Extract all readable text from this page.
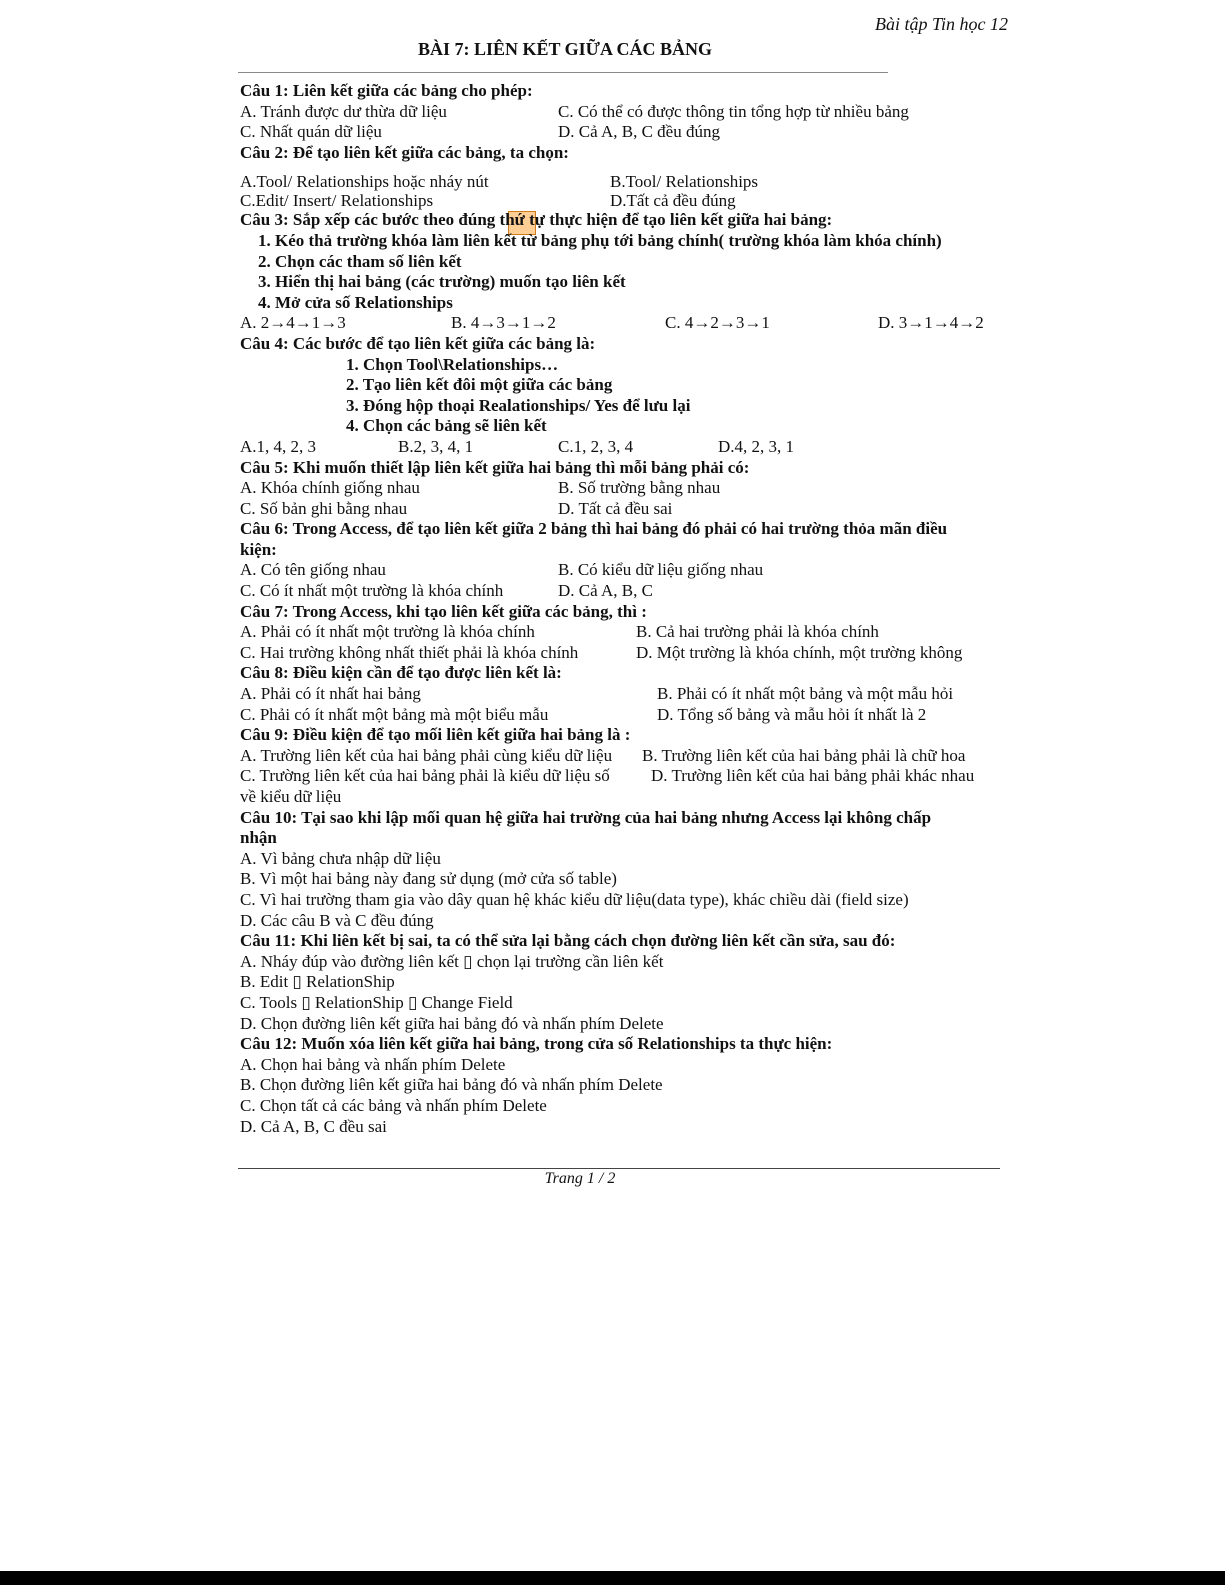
Bài tập Tin học 12
BÀI 7: LIÊN KẾT GIỮA CÁC BẢNG
Câu 1: Liên kết giữa các bảng cho phép:
A. Tránh được dư thừa dữ liệu	C. Có thể có được thông tin tổng hợp từ nhiều bảng
C. Nhất quán dữ liệu	D. Cả A, B, C đều đúng
Câu 2: Để tạo liên kết giữa các bảng, ta chọn:
A.Tool/ Relationships hoặc nháy nút	B.Tool/ Relationships
C.Edit/ Insert/ Relationships	D.Tất cả đều đúng
Câu 3: Sắp xếp các bước theo đúng thứ tự thực hiện để tạo liên kết giữa hai bảng:
1. Kéo thả trường khóa làm liên kết từ bảng phụ tới bảng chính( trường khóa làm khóa chính)
2. Chọn các tham số liên kết
3. Hiển thị hai bảng (các trường) muốn tạo liên kết
4. Mở cửa số Relationships
A. 2→4→1→3	B. 4→3→1→2	C. 4→2→3→1	D. 3→1→4→2
Câu 4: Các bước để tạo liên kết giữa các bảng là:
1. Chọn Tool\Relationships…
2. Tạo liên kết đôi một giữa các bảng
3. Đóng hộp thoại Realationships/ Yes để lưu lại
4. Chọn các bảng sẽ liên kết
A.1, 4, 2, 3	B.2, 3, 4, 1	C.1, 2, 3, 4	D.4, 2, 3, 1
Câu 5: Khi muốn thiết lập liên kết giữa hai bảng thì mỗi bảng phải có:
A. Khóa chính giống nhau	B. Số trường bằng nhau
C. Số bản ghi bằng nhau	D. Tất cả đều sai
Câu 6: Trong Access, để tạo liên kết giữa 2 bảng thì hai bảng đó phải có hai trường thỏa mãn điều
kiện:
A. Có tên giống nhau	B. Có kiểu dữ liệu giống nhau
C. Có ít nhất một trường là khóa chính	D. Cả A, B, C
Câu 7: Trong Access, khi tạo liên kết giữa các bảng, thì :
A. Phải có ít nhất một trường là khóa chính	B. Cả hai trường phải là khóa chính
C. Hai trường không nhất thiết phải là khóa chính	D. Một trường là khóa chính, một trường không
Câu 8: Điều kiện cần để tạo được liên kết là:
A. Phải có ít nhất hai bảng	B. Phải có ít nhất một bảng và một mẫu hỏi
C. Phải có ít nhất một bảng mà một biểu mẫu	D. Tổng số bảng và mẫu hỏi ít nhất là 2
Câu 9: Điều kiện để tạo mối liên kết giữa hai bảng là :
A. Trường liên kết của hai bảng phải cùng kiểu dữ liệu B. Trường liên kết của hai bảng phải là chữ hoa
C. Trường liên kết của hai bảng phải là kiểu dữ liệu số D. Trường liên kết của hai bảng phải khác nhau
về kiểu dữ liệu
Câu 10: Tại sao khi lập mối quan hệ giữa hai trường của hai bảng nhưng Access lại không chấp
nhận
A. Vì bảng chưa nhập dữ liệu
B. Vì một hai bảng này đang sử dụng (mở cửa số table)
C. Vì hai trường tham gia vào dây quan hệ khác kiểu dữ liệu(data type), khác chiều dài (field size)
D. Các câu B và C đều đúng
Câu 11: Khi liên kết bị sai, ta có thể sửa lại bằng cách chọn đường liên kết cần sửa, sau đó:
A. Nháy đúp vào đường liên kết ▯ chọn lại trường cần liên kết
B. Edit ▯ RelationShip
C. Tools ▯ RelationShip ▯ Change Field
D. Chọn đường liên kết giữa hai bảng đó và nhấn phím Delete
Câu 12: Muốn xóa liên kết giữa hai bảng, trong cửa số Relationships ta thực hiện:
A. Chọn hai bảng và nhấn phím Delete
B. Chọn đường liên kết giữa hai bảng đó và nhấn phím Delete
C. Chọn tất cả các bảng và nhấn phím Delete
D. Cả A, B, C đều sai
Trang 1 / 2
